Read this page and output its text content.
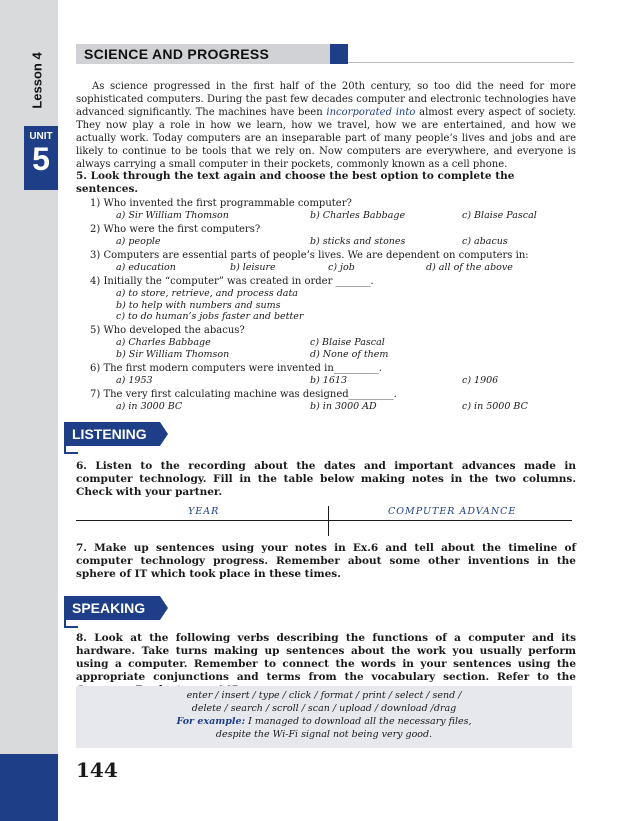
Lesson 4
UNIT
5
SCIENCE AND PROGRESS

As science progressed in the first half of the 20th century, so too did the need for more sophisticated computers. During the past few decades computer and electronic technologies have advanced significantly. The machines have been incorporated into almost every aspect of society. They now play a role in how we learn, how we travel, how we are entertained, and how we actually work. Today computers are an inseparable part of many people’s lives and jobs and are likely to continue to be tools that we rely on. Now computers are everywhere, and everyone is always carrying a small computer in their pockets, commonly known as a cell phone.

5. Look through the text again and choose the best option to complete the sentences.

1) Who invented the first programmable computer?

a) Sir William Thomson	b) Charles Babbage	c) Blaise Pascal

2) Who were the first computers?

a) people	b) sticks and stones	c) abacus

3) Computers are essential parts of people’s lives. We are dependent on computers in:

a) education	b) leisure	c) job	d) all of the above

4) Initially the “computer” was created in order _______.

a) to store, retrieve, and process data
b) to help with numbers and sums
c) to do human’s jobs faster and better

5) Who developed the abacus?

a) Charles Babbage	c) Blaise Pascal
b) Sir William Thomson	d) None of them

6) The first modern computers were invented in_________.

a) 1953	b) 1613	c) 1906

7) The very first calculating machine was designed_________.

a) in 3000 BC	b) in 3000 AD	c) in 5000 BC
LISTENING

6. Listen to the recording about the dates and important advances made in computer technology. Fill in the table below making notes in the two columns. Check with your partner.

YEAR	COMPUTER ADVANCE

7. Make up sentences using your notes in Ex.6 and tell about the timeline of computer technology progress. Remember about some other inventions in the sphere of IT which took place in these times.

SPEAKING

8. Look at the following verbs describing the functions of a computer and its hardware. Take turns making up sentences about the work you usually perform using a computer. Remember to connect the words in your sentences using the appropriate conjunctions and terms from the vocabulary section. Refer to the

enter / insert / type / click / format / print / select / send /

delete / search / scroll / scan / upload / download /drag

For example: I managed to download all the necessary files,

despite the Wi-Fi signal not being very good.

144
